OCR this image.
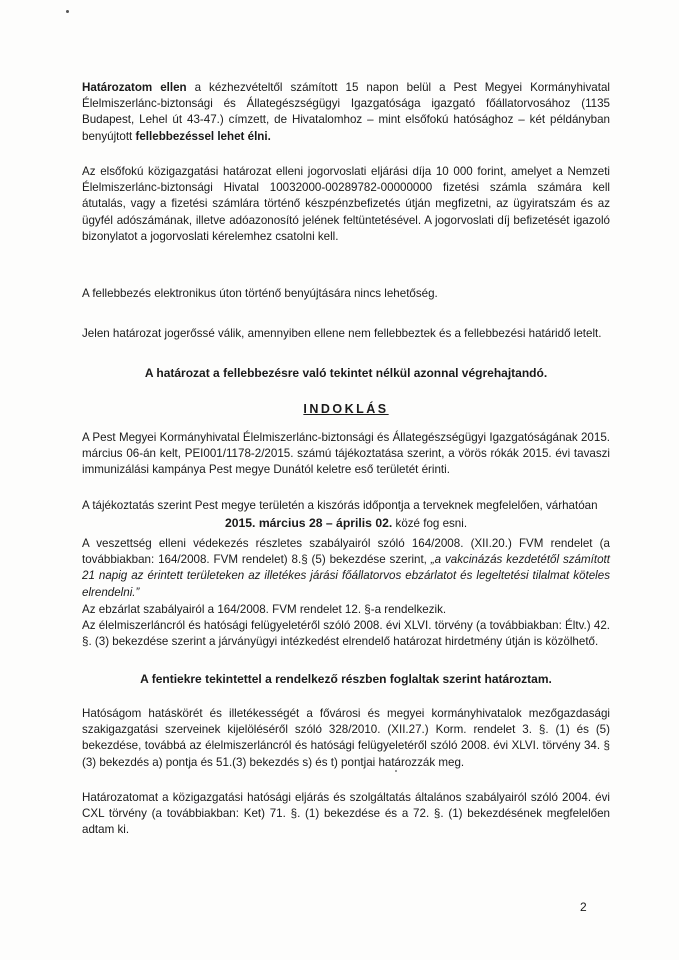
Határozatom ellen a kézhezvételtől számított 15 napon belül a Pest Megyei Kormányhivatal Élelmiszerlánc-biztonsági és Állategészségügyi Igazgatósága igazgató főállatorvosához (1135 Budapest, Lehel út 43-47.) címzett, de Hivatalomhoz – mint elsőfokú hatósághoz – két példányban benyújtott fellebbezéssel lehet élni.

Az elsőfokú közigazgatási határozat elleni jogorvoslati eljárási díja 10 000 forint, amelyet a Nemzeti Élelmiszerlánc-biztonsági Hivatal 10032000-00289782-00000000 fizetési számla számára kell átutalás, vagy a fizetési számlára történő készpénzbefizetés útján megfizetni, az ügyiratszám és az ügyfél adószámának, illetve adóazonosító jelének feltüntetésével. A jogorvoslati díj befizetését igazoló bizonylatot a jogorvoslati kérelemhez csatolni kell.

A fellebbezés elektronikus úton történő benyújtására nincs lehetőség.

Jelen határozat jogerőssé válik, amennyiben ellene nem fellebbeztek és a fellebbezési határidő letelt.

A határozat a fellebbezésre való tekintet nélkül azonnal végrehajtandó.

INDOKLÁS

A Pest Megyei Kormányhivatal Élelmiszerlánc-biztonsági és Állategészségügyi Igazgatóságának 2015. március 06-án kelt, PEI001/1178-2/2015. számú tájékoztatása szerint, a vörös rókák 2015. évi tavaszi immunizálási kampánya Pest megye Dunától keletre eső területét érinti.

A tájékoztatás szerint Pest megye területén a kiszórás időpontja a terveknek megfelelően, várhatóan

2015. március 28 – április 02. közé fog esni.

A veszettség elleni védekezés részletes szabályairól szóló 164/2008. (XII.20.) FVM rendelet (a továbbiakban: 164/2008. FVM rendelet) 8.§ (5) bekezdése szerint, „a vakcinázás kezdetétől számított 21 napig az érintett területeken az illetékes járási főállatorvos ebzárlatot és legeltetési tilalmat köteles elrendelni.”

Az ebzárlat szabályairól a 164/2008. FVM rendelet 12. §-a rendelkezik.

Az élelmiszerláncról és hatósági felügyeletéről szóló 2008. évi XLVI. törvény (a továbbiakban: Éltv.) 42. §. (3) bekezdése szerint a járványügyi intézkedést elrendelő határozat hirdetmény útján is közölhető.

A fentiekre tekintettel a rendelkező részben foglaltak szerint határoztam.

Hatóságom hatáskörét és illetékességét a fővárosi és megyei kormányhivatalok mezőgazdasági szakigazgatási szerveinek kijelöléséről szóló 328/2010. (XII.27.) Korm. rendelet 3. §. (1) és (5) bekezdése, továbbá az élelmiszerláncról és hatósági felügyeletéről szóló 2008. évi XLVI. törvény 34. § (3) bekezdés a) pontja és 51.(3) bekezdés s) és t) pontjai határozzák meg.

Határozatomat a közigazgatási hatósági eljárás és szolgáltatás általános szabályairól szóló 2004. évi CXL törvény (a továbbiakban: Ket) 71. §. (1) bekezdése és a 72. §. (1) bekezdésének megfelelően adtam ki.

2
